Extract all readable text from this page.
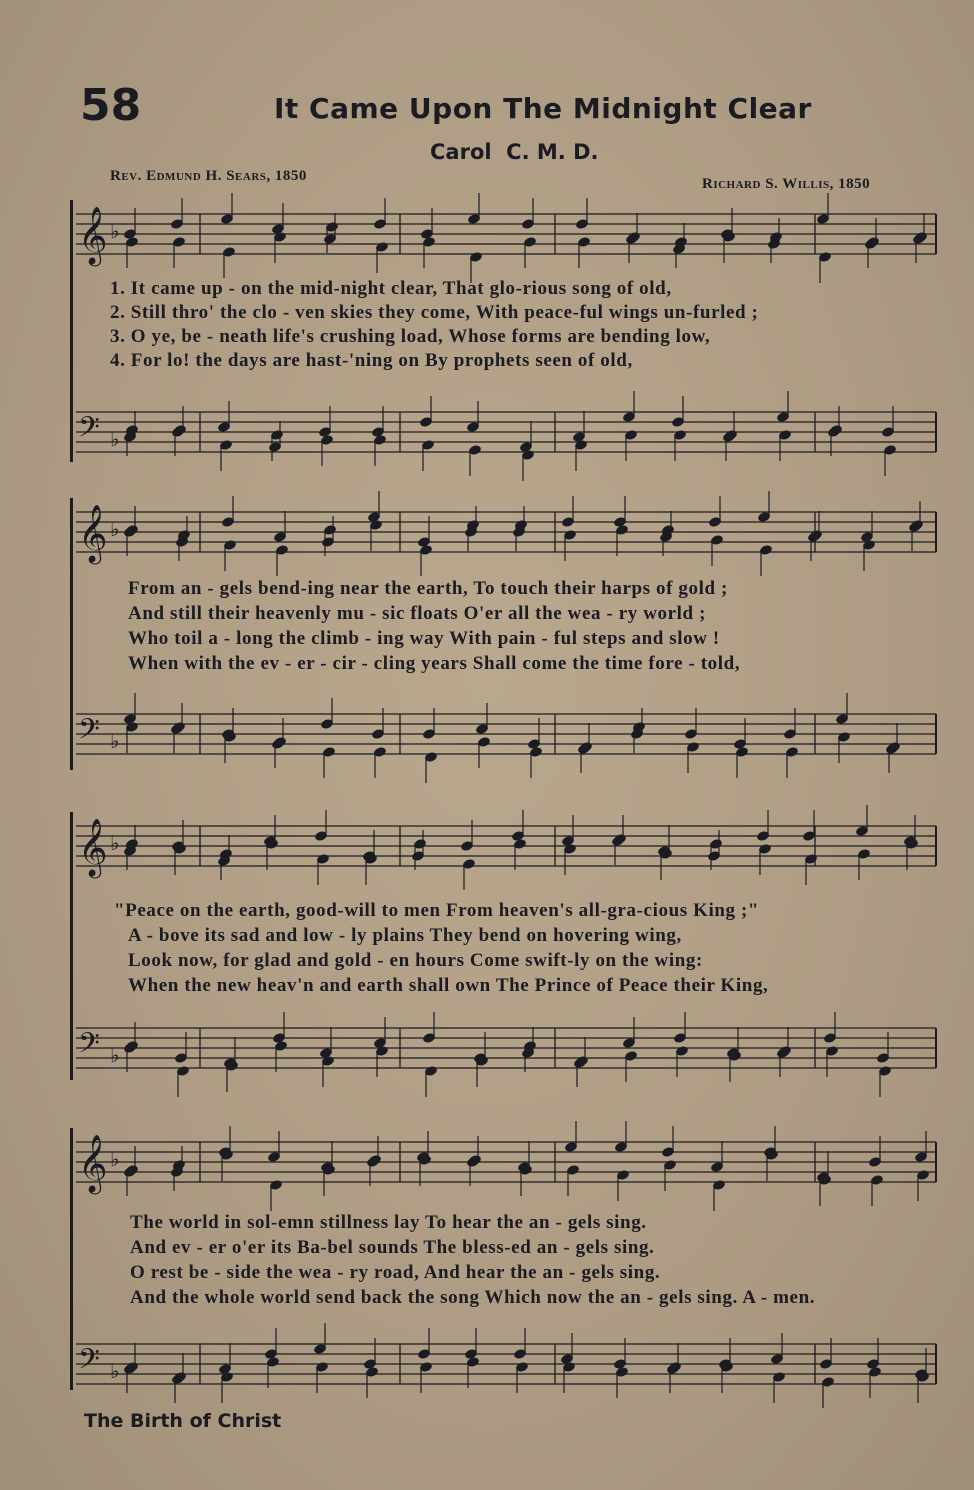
58	It Came Upon The Midnight Clear
Carol  C. M. D.
Rev. Edmund H. Sears, 1850	Richard S. Willis, 1850
𝄞 ♭
1. It came up - on the mid-night clear, That glo-rious song of old,
2. Still thro' the clo - ven skies they come, With peace-ful wings un-furled ;
3. O ye, be - neath life's crushing load, Whose forms are bending low,
4. For lo! the days are hast-'ning on By prophets seen of old,
𝄢 ♭
𝄞 ♭
From an - gels bend-ing near the earth, To touch their harps of gold ;
And still their heavenly mu - sic floats O'er all the wea - ry world ;
Who toil a - long the climb - ing way With pain - ful steps and slow !
When with the ev - er - cir - cling years Shall come the time fore - told,
𝄢 ♭
𝄞 ♭
"Peace on the earth, good-will to men From heaven's all-gra-cious King ;"
A - bove its sad and low - ly plains They bend on hovering wing,
Look now, for glad and gold - en hours Come swift-ly on the wing:
When the new heav'n and earth shall own The Prince of Peace their King,
𝄢 ♭
𝄞 ♭
The world in sol-emn stillness lay To hear the an - gels sing.
And ev - er o'er its Ba-bel sounds The bless-ed an - gels sing.
O rest be - side the wea - ry road, And hear the an - gels sing.
And the whole world send back the song Which now the an - gels sing. A - men.
𝄢 ♭
The Birth of Christ
